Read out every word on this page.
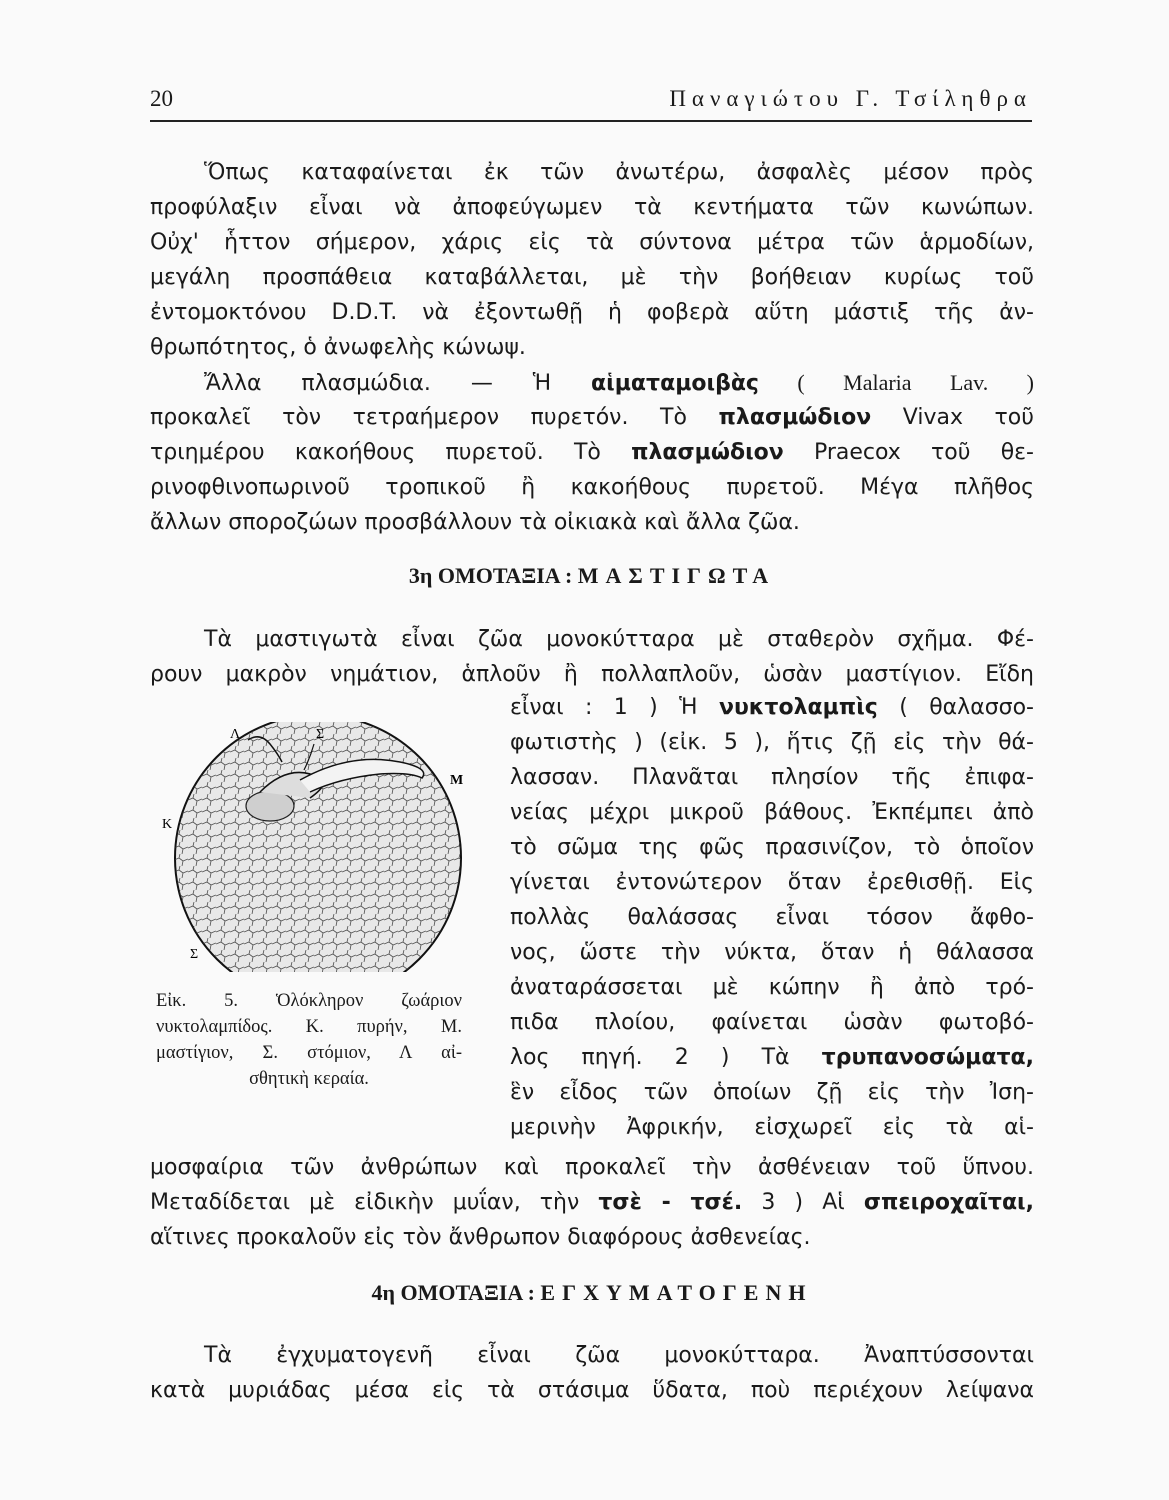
20	Παναγιώτου Γ. Τσίληθρα
Ὅπως καταφαίνεται ἐκ τῶν ἀνωτέρω, ἀσφαλὲς μέσον πρὸς
προφύλαξιν εἶναι νὰ ἀποφεύγωμεν τὰ κεντήματα τῶν κωνώπων.
Οὐχ' ἧττον σήμερον, χάρις εἰς τὰ σύντονα μέτρα τῶν ἁρμοδίων,
μεγάλη προσπάθεια καταβάλλεται, μὲ τὴν βοήθειαν κυρίως τοῦ
ἐντομοκτόνου D.D.T. νὰ ἐξοντωθῇ ἡ φοβερὰ αὕτη μάστιξ τῆς ἀν-
θρωπότητος, ὁ ἀνωφελὴς κώνωψ.
Ἄλλα πλασμώδια. — Ἡ αἱματαμοιβὰς ( Malaria Lav. )
προκαλεῖ τὸν τετραήμερον πυρετόν. Τὸ πλασμώδιον Vivax τοῦ
τριημέρου κακοήθους πυρετοῦ. Τὸ πλασμώδιον Praecox τοῦ θε-
ρινοφθινοπωρινοῦ τροπικοῦ ἢ κακοήθους πυρετοῦ. Μέγα πλῆθος
ἄλλων σποροζώων προσβάλλουν τὰ οἰκιακὰ καὶ ἄλλα ζῶα.
3η ΟΜΟΤΑΞΙΑ : ΜΑΣΤΙΓΩΤΑ
Τὰ μαστιγωτὰ εἶναι ζῶα μονοκύτταρα μὲ σταθερὸν σχῆμα. Φέ-
ρουν μακρὸν νημάτιον, ἁπλοῦν ἢ πολλαπλοῦν, ὡσὰν μαστίγιον. Εἴδη
εἶναι : 1 ) Ἡ νυκτολαμπὶς ( θαλασσο-
φωτιστὴς ) (εἰκ. 5 ), ἥτις ζῇ εἰς τὴν θά-
λασσαν. Πλανᾶται πλησίον τῆς ἐπιφα-
νείας μέχρι μικροῦ βάθους. Ἐκπέμπει ἀπὸ
τὸ σῶμα της φῶς πρασινίζον, τὸ ὁποῖον
γίνεται ἐντονώτερον ὅταν ἐρεθισθῇ. Εἰς
πολλὰς θαλάσσας εἶναι τόσον ἄφθο-
νος, ὥστε τὴν νύκτα, ὅταν ἡ θάλασσα
ἀναταράσσεται μὲ κώπην ἢ ἀπὸ τρό-
πιδα πλοίου, φαίνεται ὡσὰν φωτοβό-
λος πηγή. 2 ) Τὰ τρυπανοσώματα,
ἓν εἶδος τῶν ὁποίων ζῇ εἰς τὴν Ἰση-
μερινὴν Ἀφρικήν, εἰσχωρεῖ εἰς τὰ αἱ-
Λ	Σ
Μ
Κ
Σ
Εἰκ. 5. Ὁλόκληρον ζωάριον
νυκτολαμπίδος. Κ. πυρήν, Μ.
μαστίγιον, Σ. στόμιον, Λ αἰ-
σθητικὴ κεραία.
μοσφαίρια τῶν ἀνθρώπων καὶ προκαλεῖ τὴν ἀσθένειαν τοῦ ὕπνου.
Μεταδίδεται μὲ εἰδικὴν μυΐαν, τὴν τσὲ - τσέ. 3 ) Αἱ σπειροχαῖται,
αἵτινες προκαλοῦν εἰς τὸν ἄνθρωπον διαφόρους ἀσθενείας.
4η ΟΜΟΤΑΞΙΑ : ΕΓΧΥΜΑΤΟΓΕΝΗ
Τὰ ἐγχυματογενῆ εἶναι ζῶα μονοκύτταρα. Ἀναπτύσσονται
κατὰ μυριάδας μέσα εἰς τὰ στάσιμα ὕδατα, ποὺ περιέχουν λείψανα
